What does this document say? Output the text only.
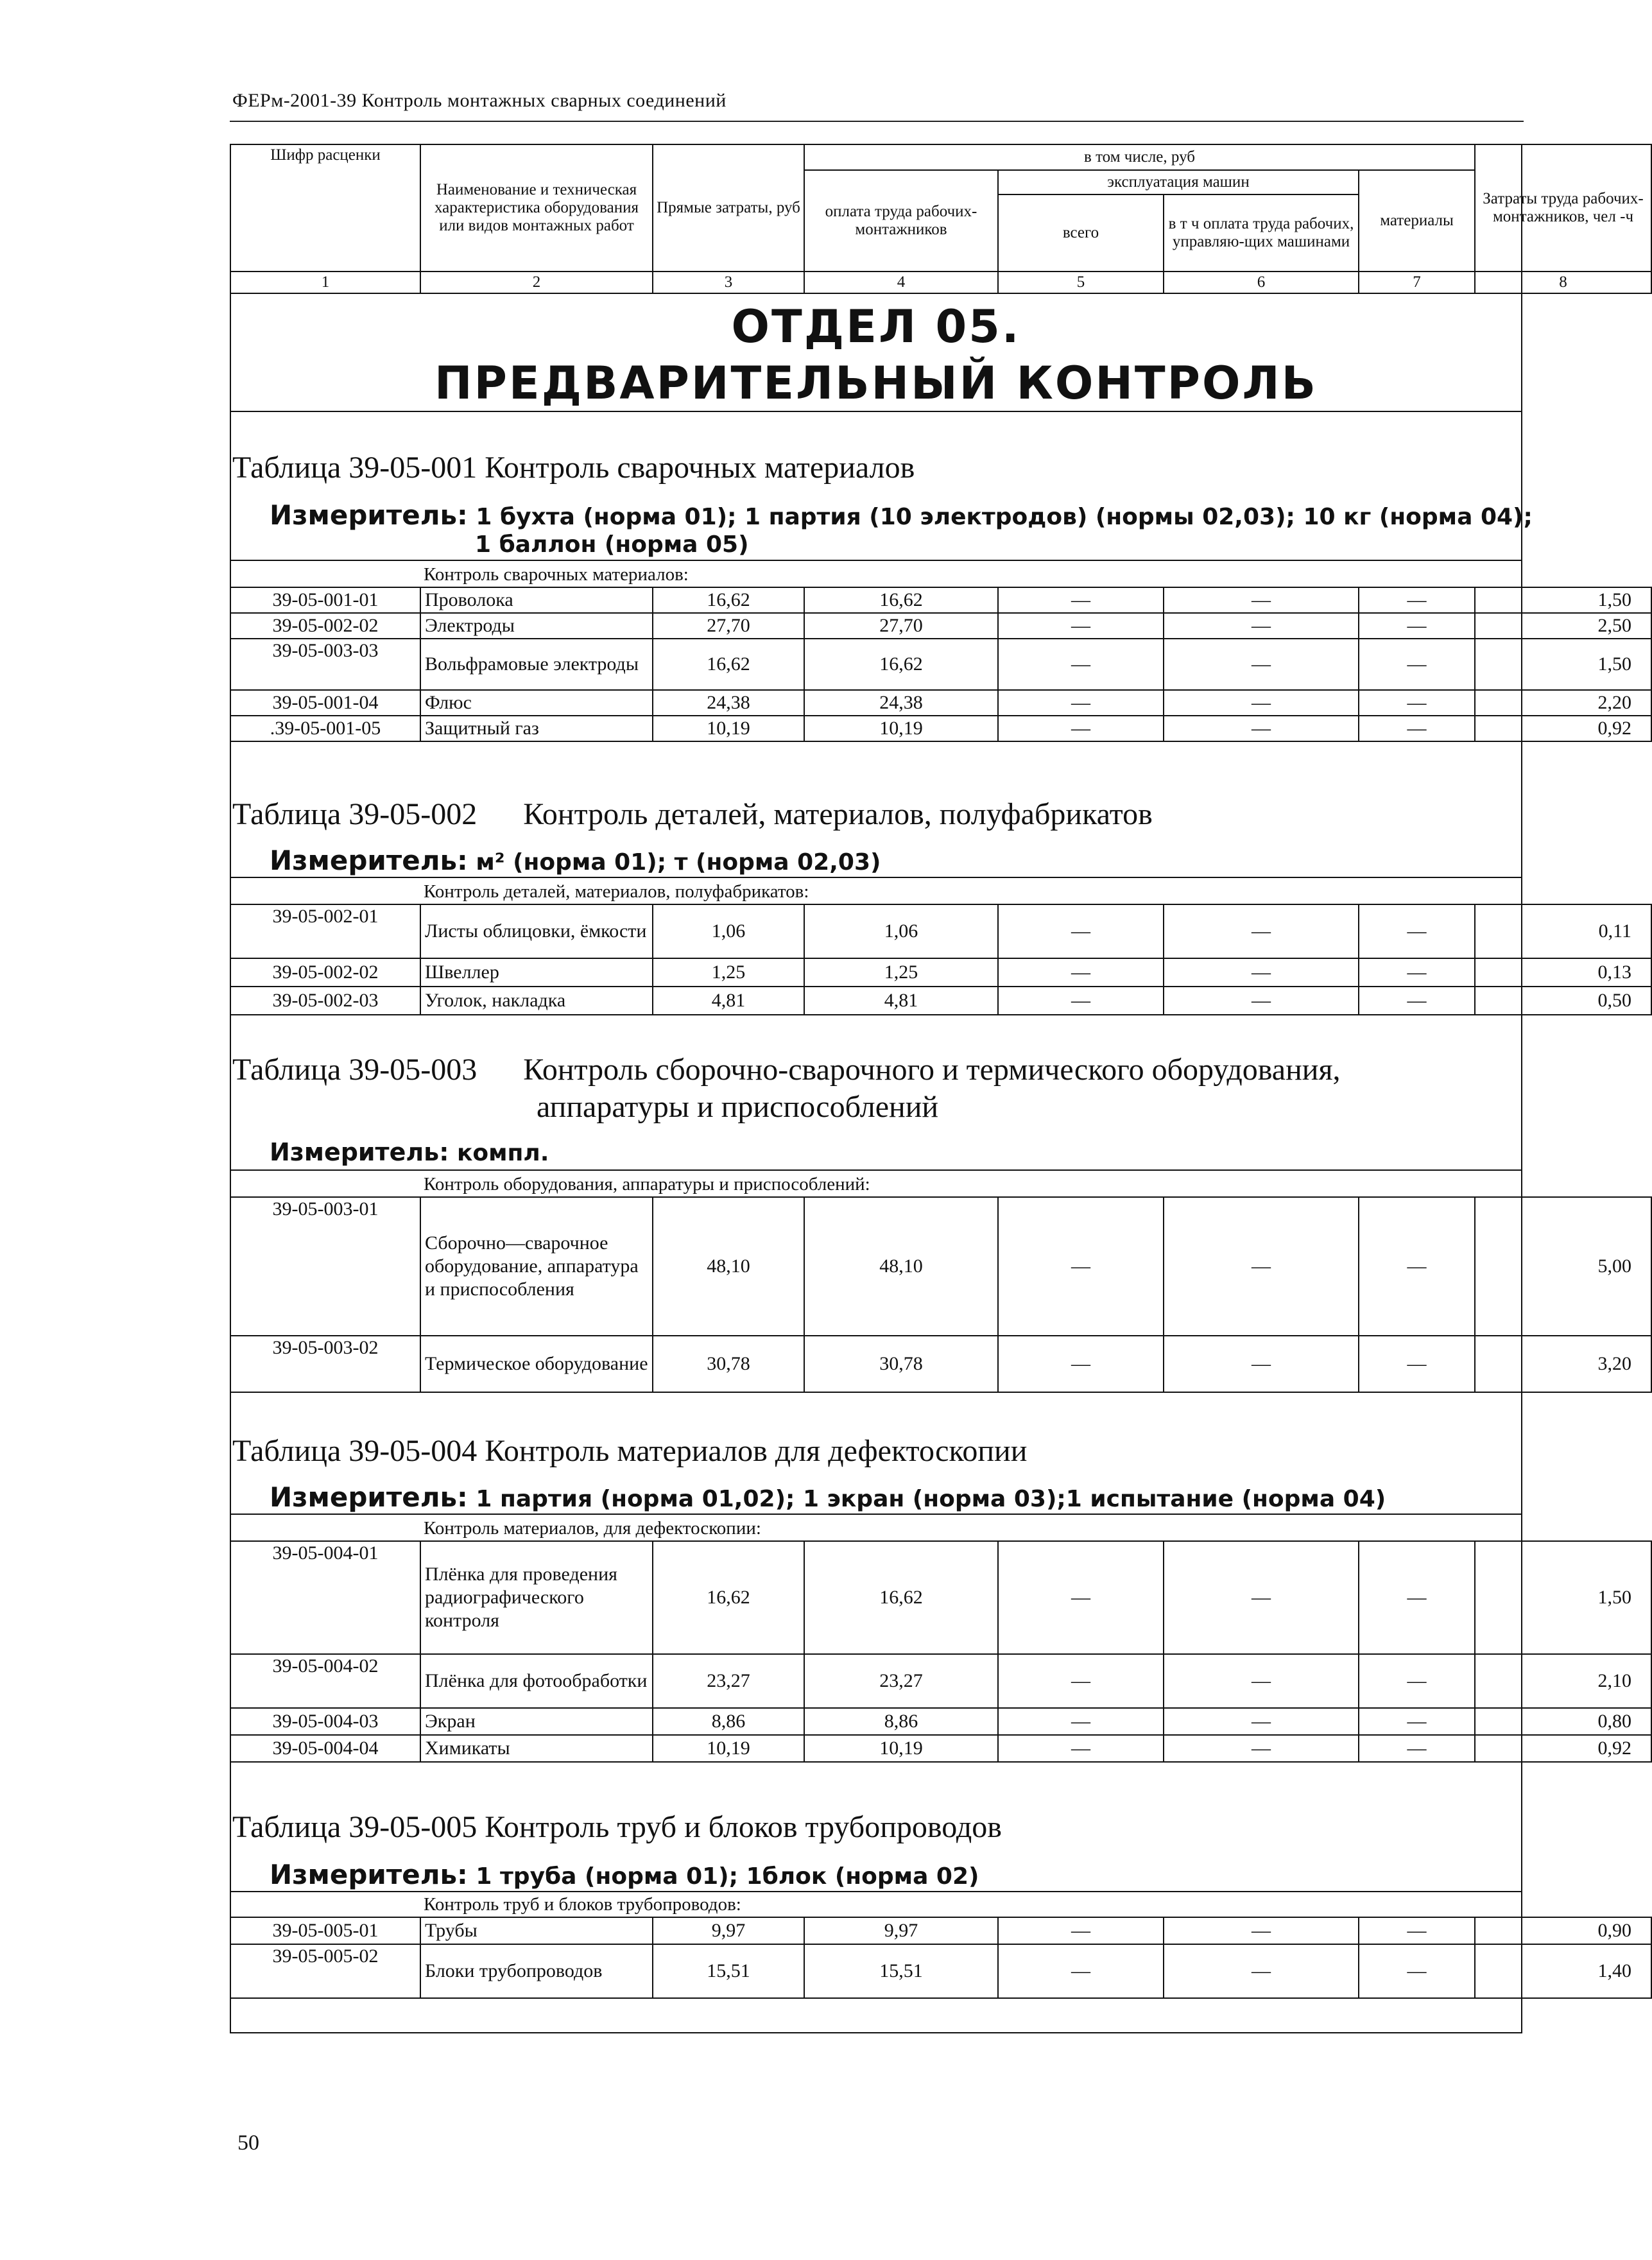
ФЕРм-2001-39 Контроль монтажных сварных соединений
Шифр расценки	Наименование и техническая характеристика оборудования или видов монтажных работ	Прямые затраты, руб	в том числе, руб				Затраты труда рабочих-монтажников, чел -ч
			оплата труда рабочих-монтажников	эксплуатация машин		материалы	
				всего	в т ч оплата труда рабочих, управляю-щих машинами		
1	2	3	4	5	6	7	8
ОТДЕЛ 05.
ПРЕДВАРИТЕЛЬНЫЙ КОНТРОЛЬ
Таблица 39-05-001 Контроль сварочных материалов
Измеритель: 1 бухта (норма 01); 1 партия (10 электродов) (нормы 02,03); 10 кг (норма 04);
1 баллон (норма 05)
Контроль сварочных материалов:
39-05-001-01	Проволока	16,62	16,62	—	—	—	1,50
39-05-002-02	Электроды	27,70	27,70	—	—	—	2,50
39-05-003-03	Вольфрамовые электроды	16,62	16,62	—	—	—	1,50
39-05-001-04	Флюс	24,38	24,38	—	—	—	2,20
.39-05-001-05	Защитный газ	10,19	10,19	—	—	—	0,92
Таблица 39-05-002 Контроль деталей, материалов, полуфабрикатов
Измеритель: м² (норма 01); т (норма 02,03)
Контроль деталей, материалов, полуфабрикатов:
39-05-002-01	Листы облицовки, ёмкости	1,06	1,06	—	—	—	0,11
39-05-002-02	Швеллер	1,25	1,25	—	—	—	0,13
39-05-002-03	Уголок, накладка	4,81	4,81	—	—	—	0,50
Таблица 39-05-003 Контроль сборочно-сварочного и термического оборудования,
аппаратуры и приспособлений
Измеритель: компл.
Контроль оборудования, аппаратуры и приспособлений:
39-05-003-01	Сборочно—сварочное оборудование, аппаратура и приспособления	48,10	48,10	—	—	—	5,00
39-05-003-02	Термическое оборудование	30,78	30,78	—	—	—	3,20
Таблица 39-05-004 Контроль материалов для дефектоскопии
Измеритель: 1 партия (норма 01,02); 1 экран (норма 03);1 испытание (норма 04)
Контроль материалов, для дефектоскопии:
39-05-004-01	Плёнка для проведения радиографического контроля	16,62	16,62	—	—	—	1,50
39-05-004-02	Плёнка для фотообработки	23,27	23,27	—	—	—	2,10
39-05-004-03	Экран	8,86	8,86	—	—	—	0,80
39-05-004-04	Химикаты	10,19	10,19	—	—	—	0,92
Таблица 39-05-005 Контроль труб и блоков трубопроводов
Измеритель: 1 труба (норма 01); 1блок (норма 02)
Контроль труб и блоков трубопроводов:
39-05-005-01	Трубы	9,97	9,97	—	—	—	0,90
39-05-005-02	Блоки трубопроводов	15,51	15,51	—	—	—	1,40
50
